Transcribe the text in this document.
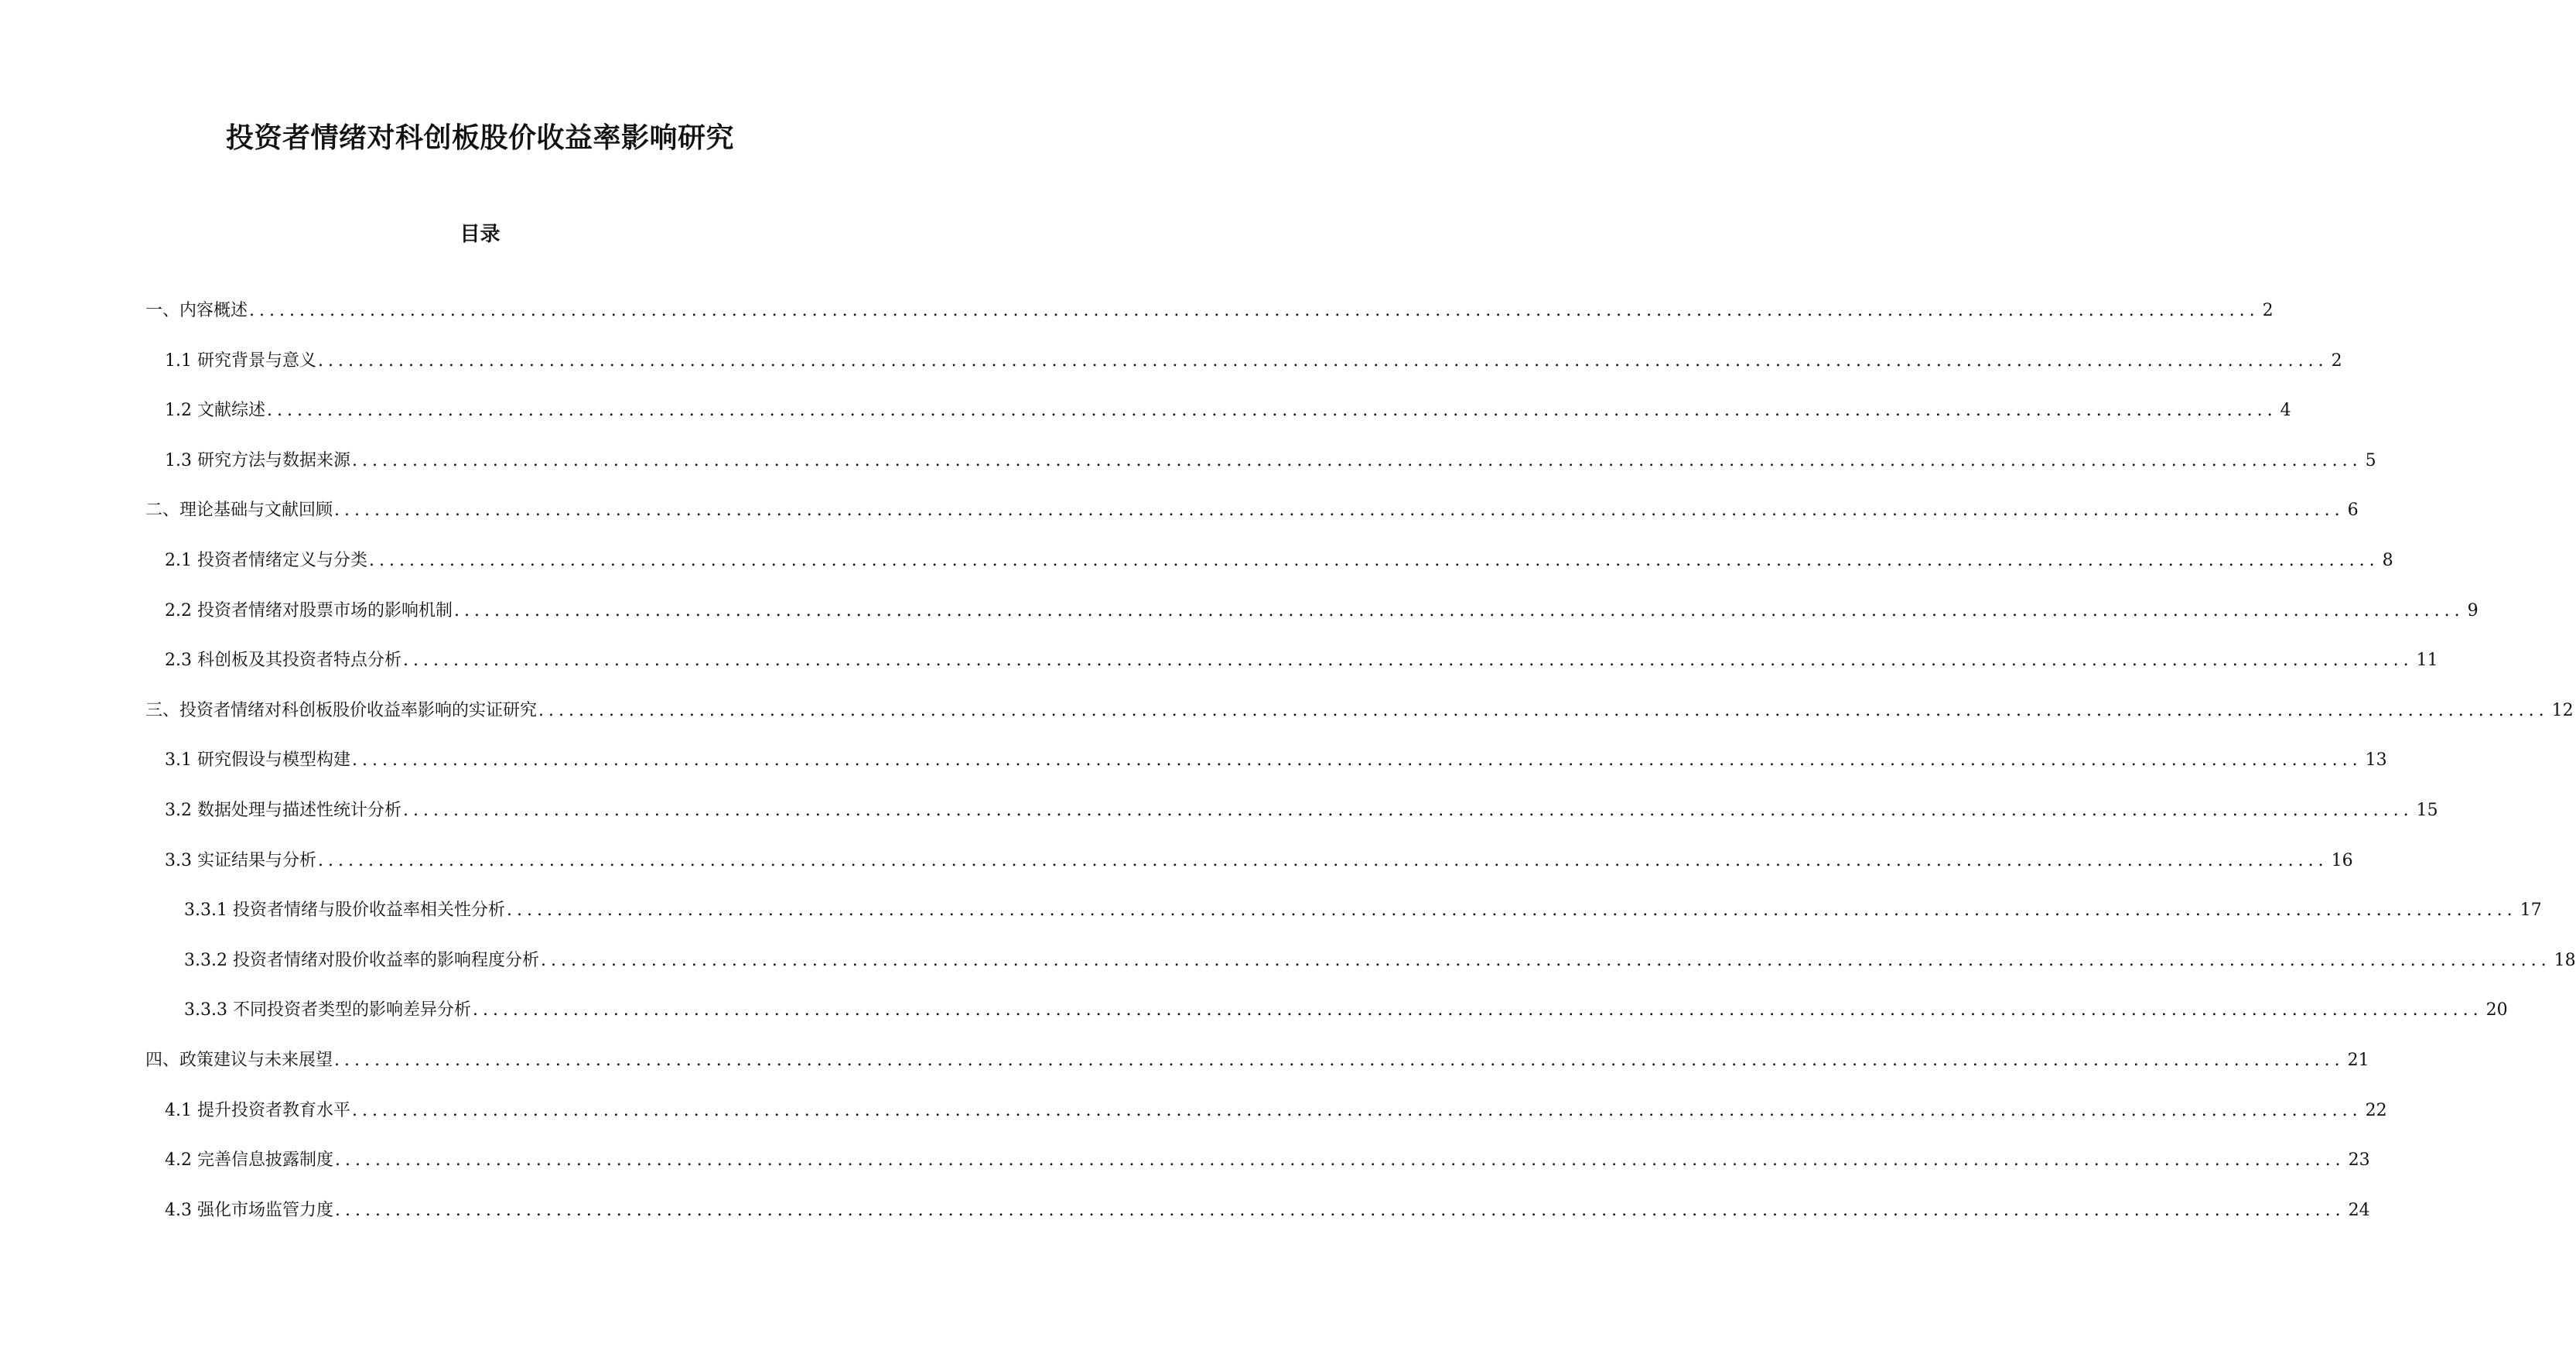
投资者情绪对科创板股价收益率影响研究
目录
一、 内容概述 ........................................................................................................................................................................................................ 2
1.1 研究背景与意义 ........................................................................................................................................................................................................ 2
1.2 文献综述 ........................................................................................................................................................................................................ 4
1.3 研究方法与数据来源 ........................................................................................................................................................................................................ 5
二、 理论基础与文献回顾 ........................................................................................................................................................................................................ 6
2.1 投资者情绪定义与分类 ........................................................................................................................................................................................................ 8
2.2 投资者情绪对股票市场的影响机制 ........................................................................................................................................................................................................ 9
2.3 科创板及其投资者特点分析 ........................................................................................................................................................................................................ 11
三、 投资者情绪对科创板股价收益率影响的实证研究 ........................................................................................................................................................................................................ 12
3.1 研究假设与模型构建 ........................................................................................................................................................................................................ 13
3.2 数据处理与描述性统计分析 ........................................................................................................................................................................................................ 15
3.3 实证结果与分析 ........................................................................................................................................................................................................ 16
3.3.1 投资者情绪与股价收益率相关性分析 ........................................................................................................................................................................................................ 17
3.3.2 投资者情绪对股价收益率的影响程度分析 ........................................................................................................................................................................................................ 18
3.3.3 不同投资者类型的影响差异分析 ........................................................................................................................................................................................................ 20
四、 政策建议与未来展望 ........................................................................................................................................................................................................ 21
4.1 提升投资者教育水平 ........................................................................................................................................................................................................ 22
4.2 完善信息披露制度 ........................................................................................................................................................................................................ 23
4.3 强化市场监管力度 ........................................................................................................................................................................................................ 24
